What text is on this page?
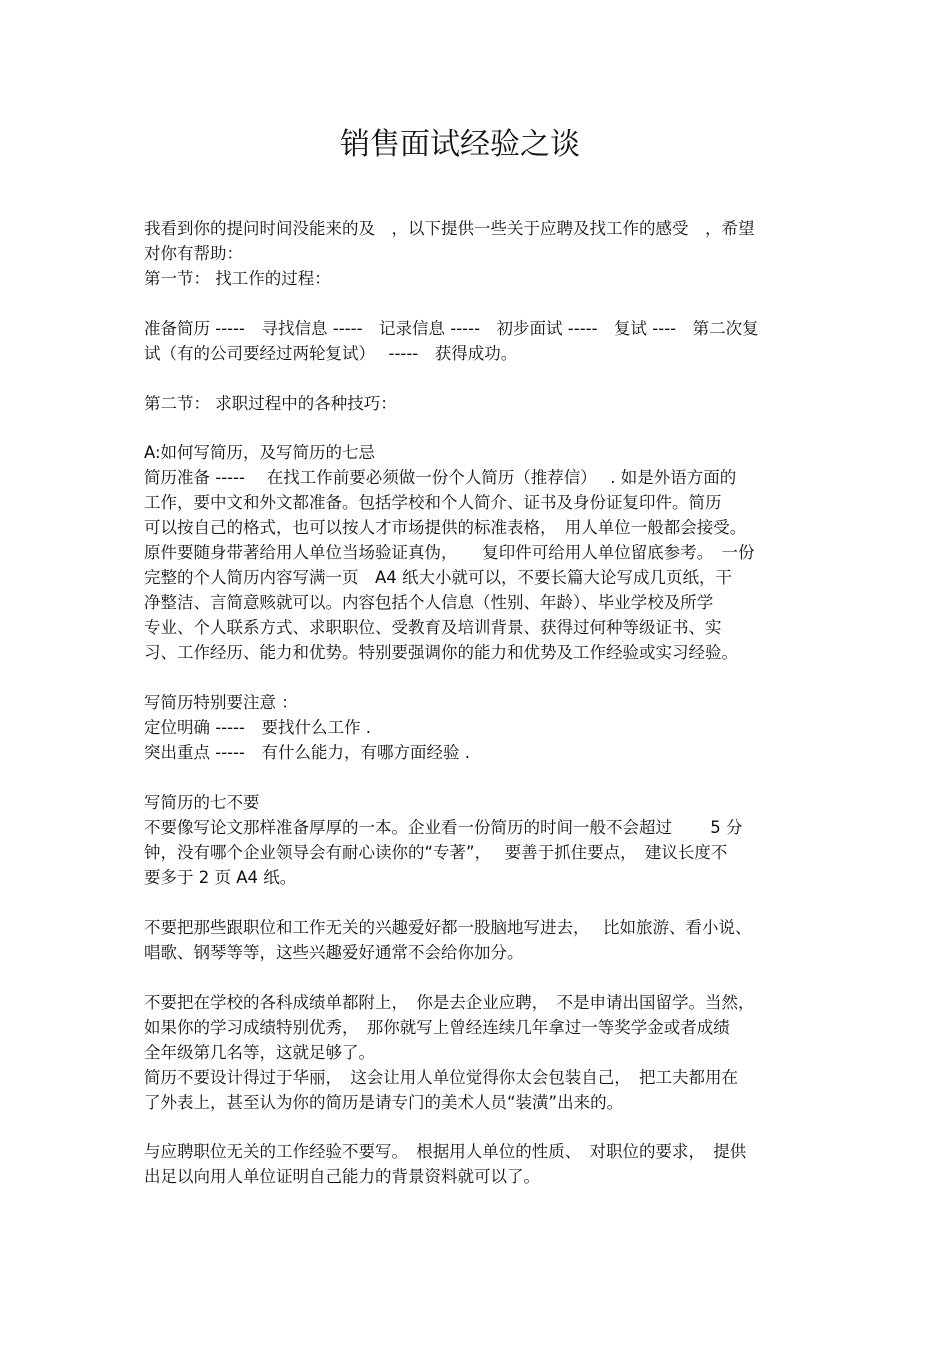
销售面试经验之谈
我看到你的提问时间没能来的及　，以下提供一些关于应聘及找工作的感受　，希望
对你有帮助：
第一节： 找工作的过程：
准备简历 -----　寻找信息 -----　记录信息 -----　初步面试 -----　复试 ----　第二次复
试（有的公司要经过两轮复试）　 -----　获得成功。
第二节： 求职过程中的各种技巧：
A:如何写简历，及写简历的七忌
简历准备 -----　 在找工作前要必须做一份个人简历（推荐信）　 . 如是外语方面的
工作，要中文和外文都准备。包括学校和个人简介、证书及身份证复印件。简历
可以按自己的格式，也可以按人才市场提供的标准表格，　用人单位一般都会接受。
原件要随身带著给用人单位当场验证真伪，　　复印件可给用人单位留底参考。　一份
完整的个人简历内容写满一页　A4 纸大小就可以，不要长篇大论写成几页纸，干
净整洁、言简意赅就可以。内容包括个人信息（性别、年龄）、毕业学校及所学
专业、个人联系方式、求职职位、受教育及培训背景、获得过何种等级证书、实
习、工作经历、能力和优势。特别要强调你的能力和优势及工作经验或实习经验。
写简历特别要注意 ：
定位明确 -----　要找什么工作 .
突出重点 -----　有什么能力，有哪方面经验 .
写简历的七不要
不要像写论文那样准备厚厚的一本。企业看一份简历的时间一般不会超过　　 5 分
钟，没有哪个企业领导会有耐心读你的“专著”，　 要善于抓住要点，　建议长度不
要多于 2 页 A4 纸。
不要把那些跟职位和工作无关的兴趣爱好都一股脑地写进去，　 比如旅游、看小说、
唱歌、钢琴等等，这些兴趣爱好通常不会给你加分。
不要把在学校的各科成绩单都附上，　你是去企业应聘，　不是申请出国留学。当然，
如果你的学习成绩特别优秀，　那你就写上曾经连续几年拿过一等奖学金或者成绩
全年级第几名等，这就足够了。
简历不要设计得过于华丽，　这会让用人单位觉得你太会包装自己，　把工夫都用在
了外表上，甚至认为你的简历是请专门的美术人员“装潢”出来的。
与应聘职位无关的工作经验不要写。　根据用人单位的性质、　对职位的要求，　提供
出足以向用人单位证明自己能力的背景资料就可以了。
